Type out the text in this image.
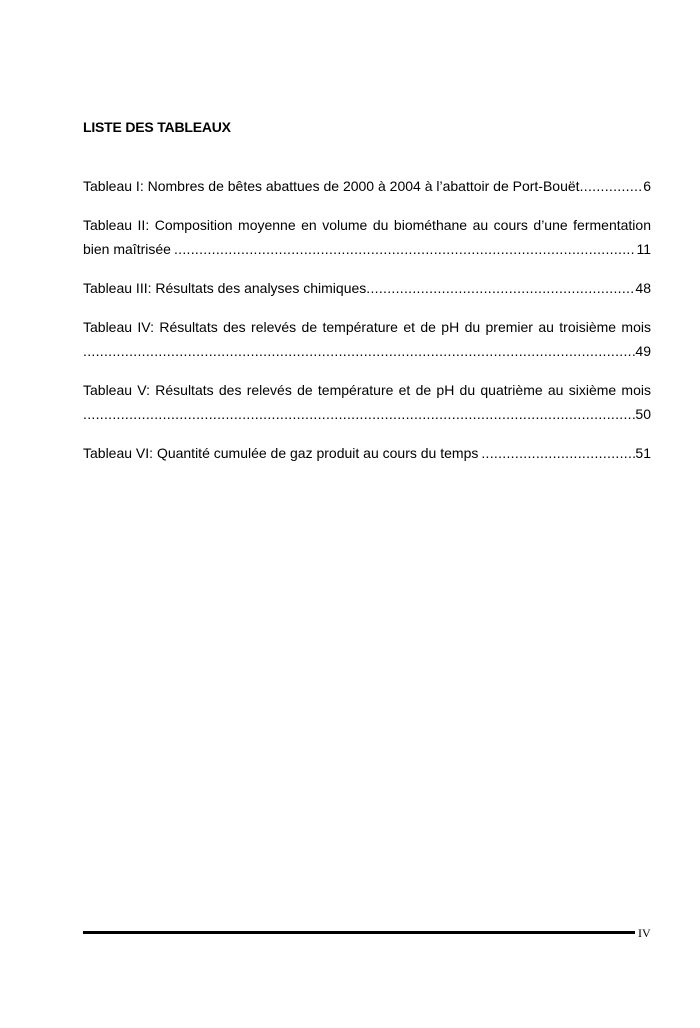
LISTE DES TABLEAUX
Tableau I: Nombres de bêtes abattues de 2000 à 2004 à l’abattoir de Port-Bouët
.....	6
Tableau II: Composition moyenne en volume du biométhane au cours d’une fermentation
bien maîtrisée
.....	11
Tableau III: Résultats des analyses chimiques
.....	48
Tableau IV: Résultats des relevés de température et de pH du premier au troisième mois
.....
49
Tableau V: Résultats des relevés de température et de pH du quatrième au sixième mois
.....
50
Tableau VI: Quantité cumulée de gaz produit au cours du temps
.....	51
IV
